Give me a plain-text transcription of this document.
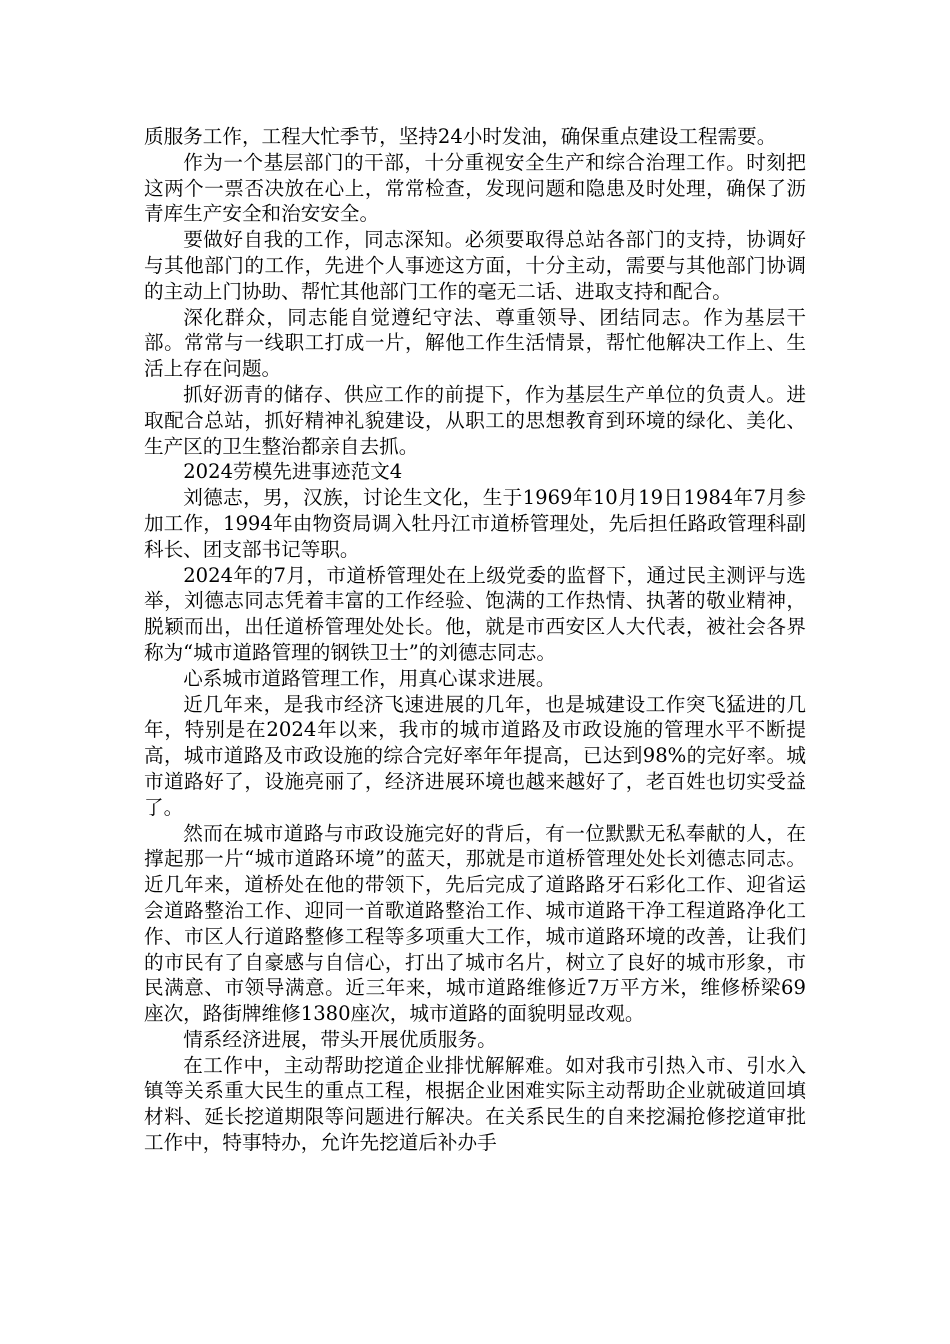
质服务工作，工程大忙季节，坚持24小时发油，确保重点建设工程需要。

作为一个基层部门的干部，十分重视安全生产和综合治理工作。时刻把这两个一票否决放在心上，常常检查，发现问题和隐患及时处理，确保了沥青库生产安全和治安安全。

要做好自我的工作，同志深知。必须要取得总站各部门的支持，协调好与其他部门的工作，先进个人事迹这方面，十分主动，需要与其他部门协调的主动上门协助、帮忙其他部门工作的毫无二话、进取支持和配合。

深化群众，同志能自觉遵纪守法、尊重领导、团结同志。作为基层干部。常常与一线职工打成一片，解他工作生活情景，帮忙他解决工作上、生活上存在问题。

抓好沥青的储存、供应工作的前提下，作为基层生产单位的负责人。进取配合总站，抓好精神礼貌建设，从职工的思想教育到环境的绿化、美化、生产区的卫生整治都亲自去抓。

2024劳模先进事迹范文4

刘德志，男，汉族，讨论生文化，生于1969年10月19日1984年7月参加工作，1994年由物资局调入牡丹江市道桥管理处，先后担任路政管理科副科长、团支部书记等职。

2024年的7月，市道桥管理处在上级党委的监督下，通过民主测评与选举，刘德志同志凭着丰富的工作经验、饱满的工作热情、执著的敬业精神，脱颖而出，出任道桥管理处处长。他，就是市西安区人大代表，被社会各界称为“城市道路管理的钢铁卫士”的刘德志同志。

心系城市道路管理工作，用真心谋求进展。

近几年来，是我市经济飞速进展的几年，也是城建设工作突飞猛进的几年，特别是在2024年以来，我市的城市道路及市政设施的管理水平不断提高，城市道路及市政设施的综合完好率年年提高，已达到98%的完好率。城市道路好了，设施亮丽了，经济进展环境也越来越好了，老百姓也切实受益了。

然而在城市道路与市政设施完好的背后，有一位默默无私奉献的人，在撑起那一片“城市道路环境”的蓝天，那就是市道桥管理处处长刘德志同志。近几年来，道桥处在他的带领下，先后完成了道路路牙石彩化工作、迎省运会道路整治工作、迎同一首歌道路整治工作、城市道路干净工程道路净化工作、市区人行道路整修工程等多项重大工作，城市道路环境的改善，让我们的市民有了自豪感与自信心，打出了城市名片，树立了良好的城市形象，市民满意、市领导满意。近三年来，城市道路维修近7万平方米，维修桥梁69座次，路街牌维修1380座次，城市道路的面貌明显改观。

情系经济进展，带头开展优质服务。

在工作中，主动帮助挖道企业排忧解解难。如对我市引热入市、引水入镇等关系重大民生的重点工程，根据企业困难实际主动帮助企业就破道回填材料、延长挖道期限等问题进行解决。在关系民生的自来挖漏抢修挖道审批工作中，特事特办，允许先挖道后补办手
